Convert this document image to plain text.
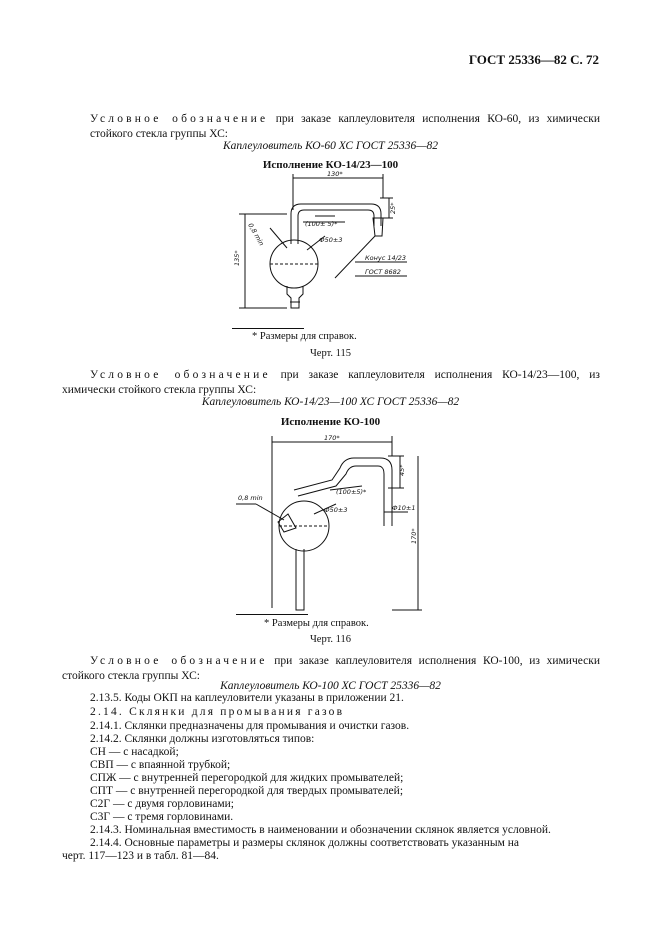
ГОСТ 25336—82 С. 72
Условное обозначение при заказе каплеуловителя исполнения КО-60, из химически стойкого стекла группы ХС:
Каплеуловитель КО-60 ХС ГОСТ 25336—82
Исполнение КО-14/23—100
130*
25*
(100± 5)*
0,8 min	Ф50±3
135*	Конус 14/23
ГОСТ 8682
* Размеры для справок.
Черт. 115
Условное обозначение при заказе каплеуловителя исполнения КО-14/23—100, из химически стойкого стекла группы ХС:
Каплеуловитель КО-14/23—100 ХС ГОСТ 25336—82
Исполнение КО-100
170*
45*
(100±5)*
0,8 min
Ф50±3	Ф10±1
170*
* Размеры для справок.
Черт. 116
Условное обозначение при заказе каплеуловителя исполнения КО-100, из химически стойкого стекла группы ХС:
Каплеуловитель КО-100 ХС ГОСТ 25336—82
2.13.5. Коды ОКП на каплеуловители указаны в приложении 21.
2.14. Склянки для промывания газов
2.14.1. Склянки предназначены для промывания и очистки газов.
2.14.2. Склянки должны изготовляться типов:
СН — с насадкой;
СВП — с впаянной трубкой;
СПЖ — с внутренней перегородкой для жидких промывателей;
СПТ — с внутренней перегородкой для твердых промывателей;
С2Г — с двумя горловинами;
С3Г — с тремя горловинами.
2.14.3. Номинальная вместимость в наименовании и обозначении склянок является условной.
2.14.4. Основные параметры и размеры склянок должны соответствовать указанным на
черт. 117—123 и в табл. 81—84.
